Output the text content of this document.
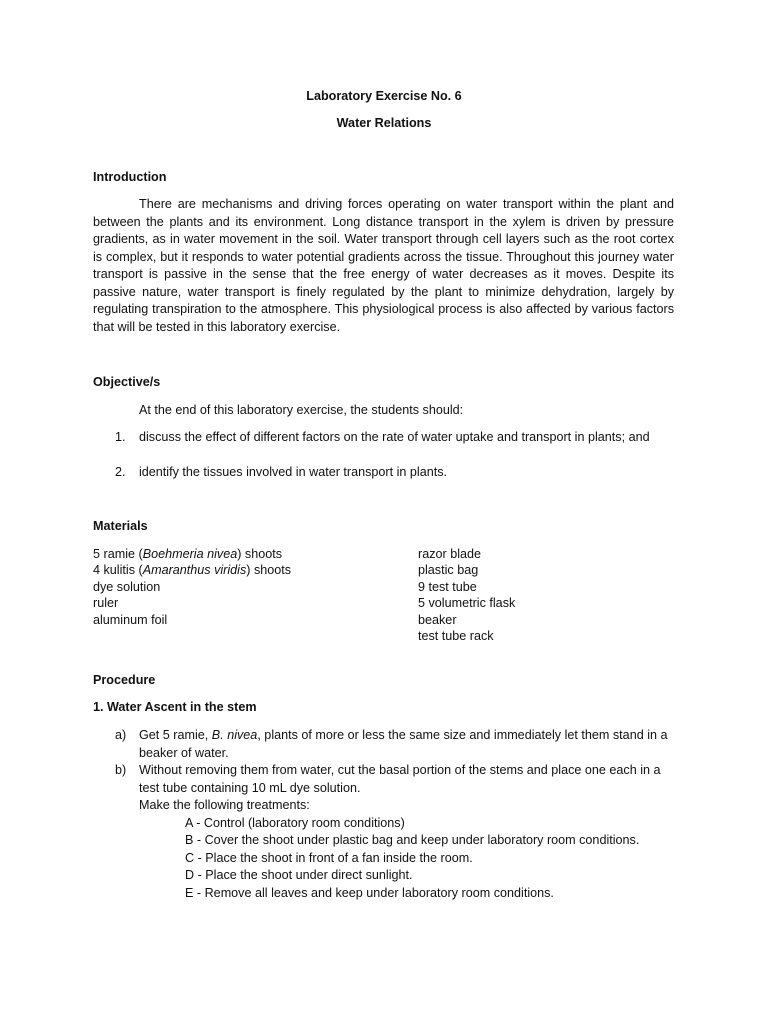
Laboratory Exercise No. 6
Water Relations
Introduction
There are mechanisms and driving forces operating on water transport within the plant and between the plants and its environment. Long distance transport in the xylem is driven by pressure gradients, as in water movement in the soil. Water transport through cell layers such as the root cortex is complex, but it responds to water potential gradients across the tissue. Throughout this journey water transport is passive in the sense that the free energy of water decreases as it moves. Despite its passive nature, water transport is finely regulated by the plant to minimize dehydration, largely by regulating transpiration to the atmosphere. This physiological process is also affected by various factors that will be tested in this laboratory exercise.
Objective/s
At the end of this laboratory exercise, the students should:
1. discuss the effect of different factors on the rate of water uptake and transport in plants; and
2. identify the tissues involved in water transport in plants.
Materials
5 ramie (Boehmeria nivea) shoots
4 kulitis (Amaranthus viridis) shoots
dye solution
ruler
aluminum foil
razor blade
plastic bag
9 test tube
5 volumetric flask
beaker
test tube rack
Procedure
1. Water Ascent in the stem
a) Get 5 ramie, B. nivea, plants of more or less the same size and immediately let them stand in a beaker of water.
b) Without removing them from water, cut the basal portion of the stems and place one each in a test tube containing 10 mL dye solution.
Make the following treatments:
A - Control (laboratory room conditions)
B - Cover the shoot under plastic bag and keep under laboratory room conditions.
C - Place the shoot in front of a fan inside the room.
D - Place the shoot under direct sunlight.
E - Remove all leaves and keep under laboratory room conditions.
